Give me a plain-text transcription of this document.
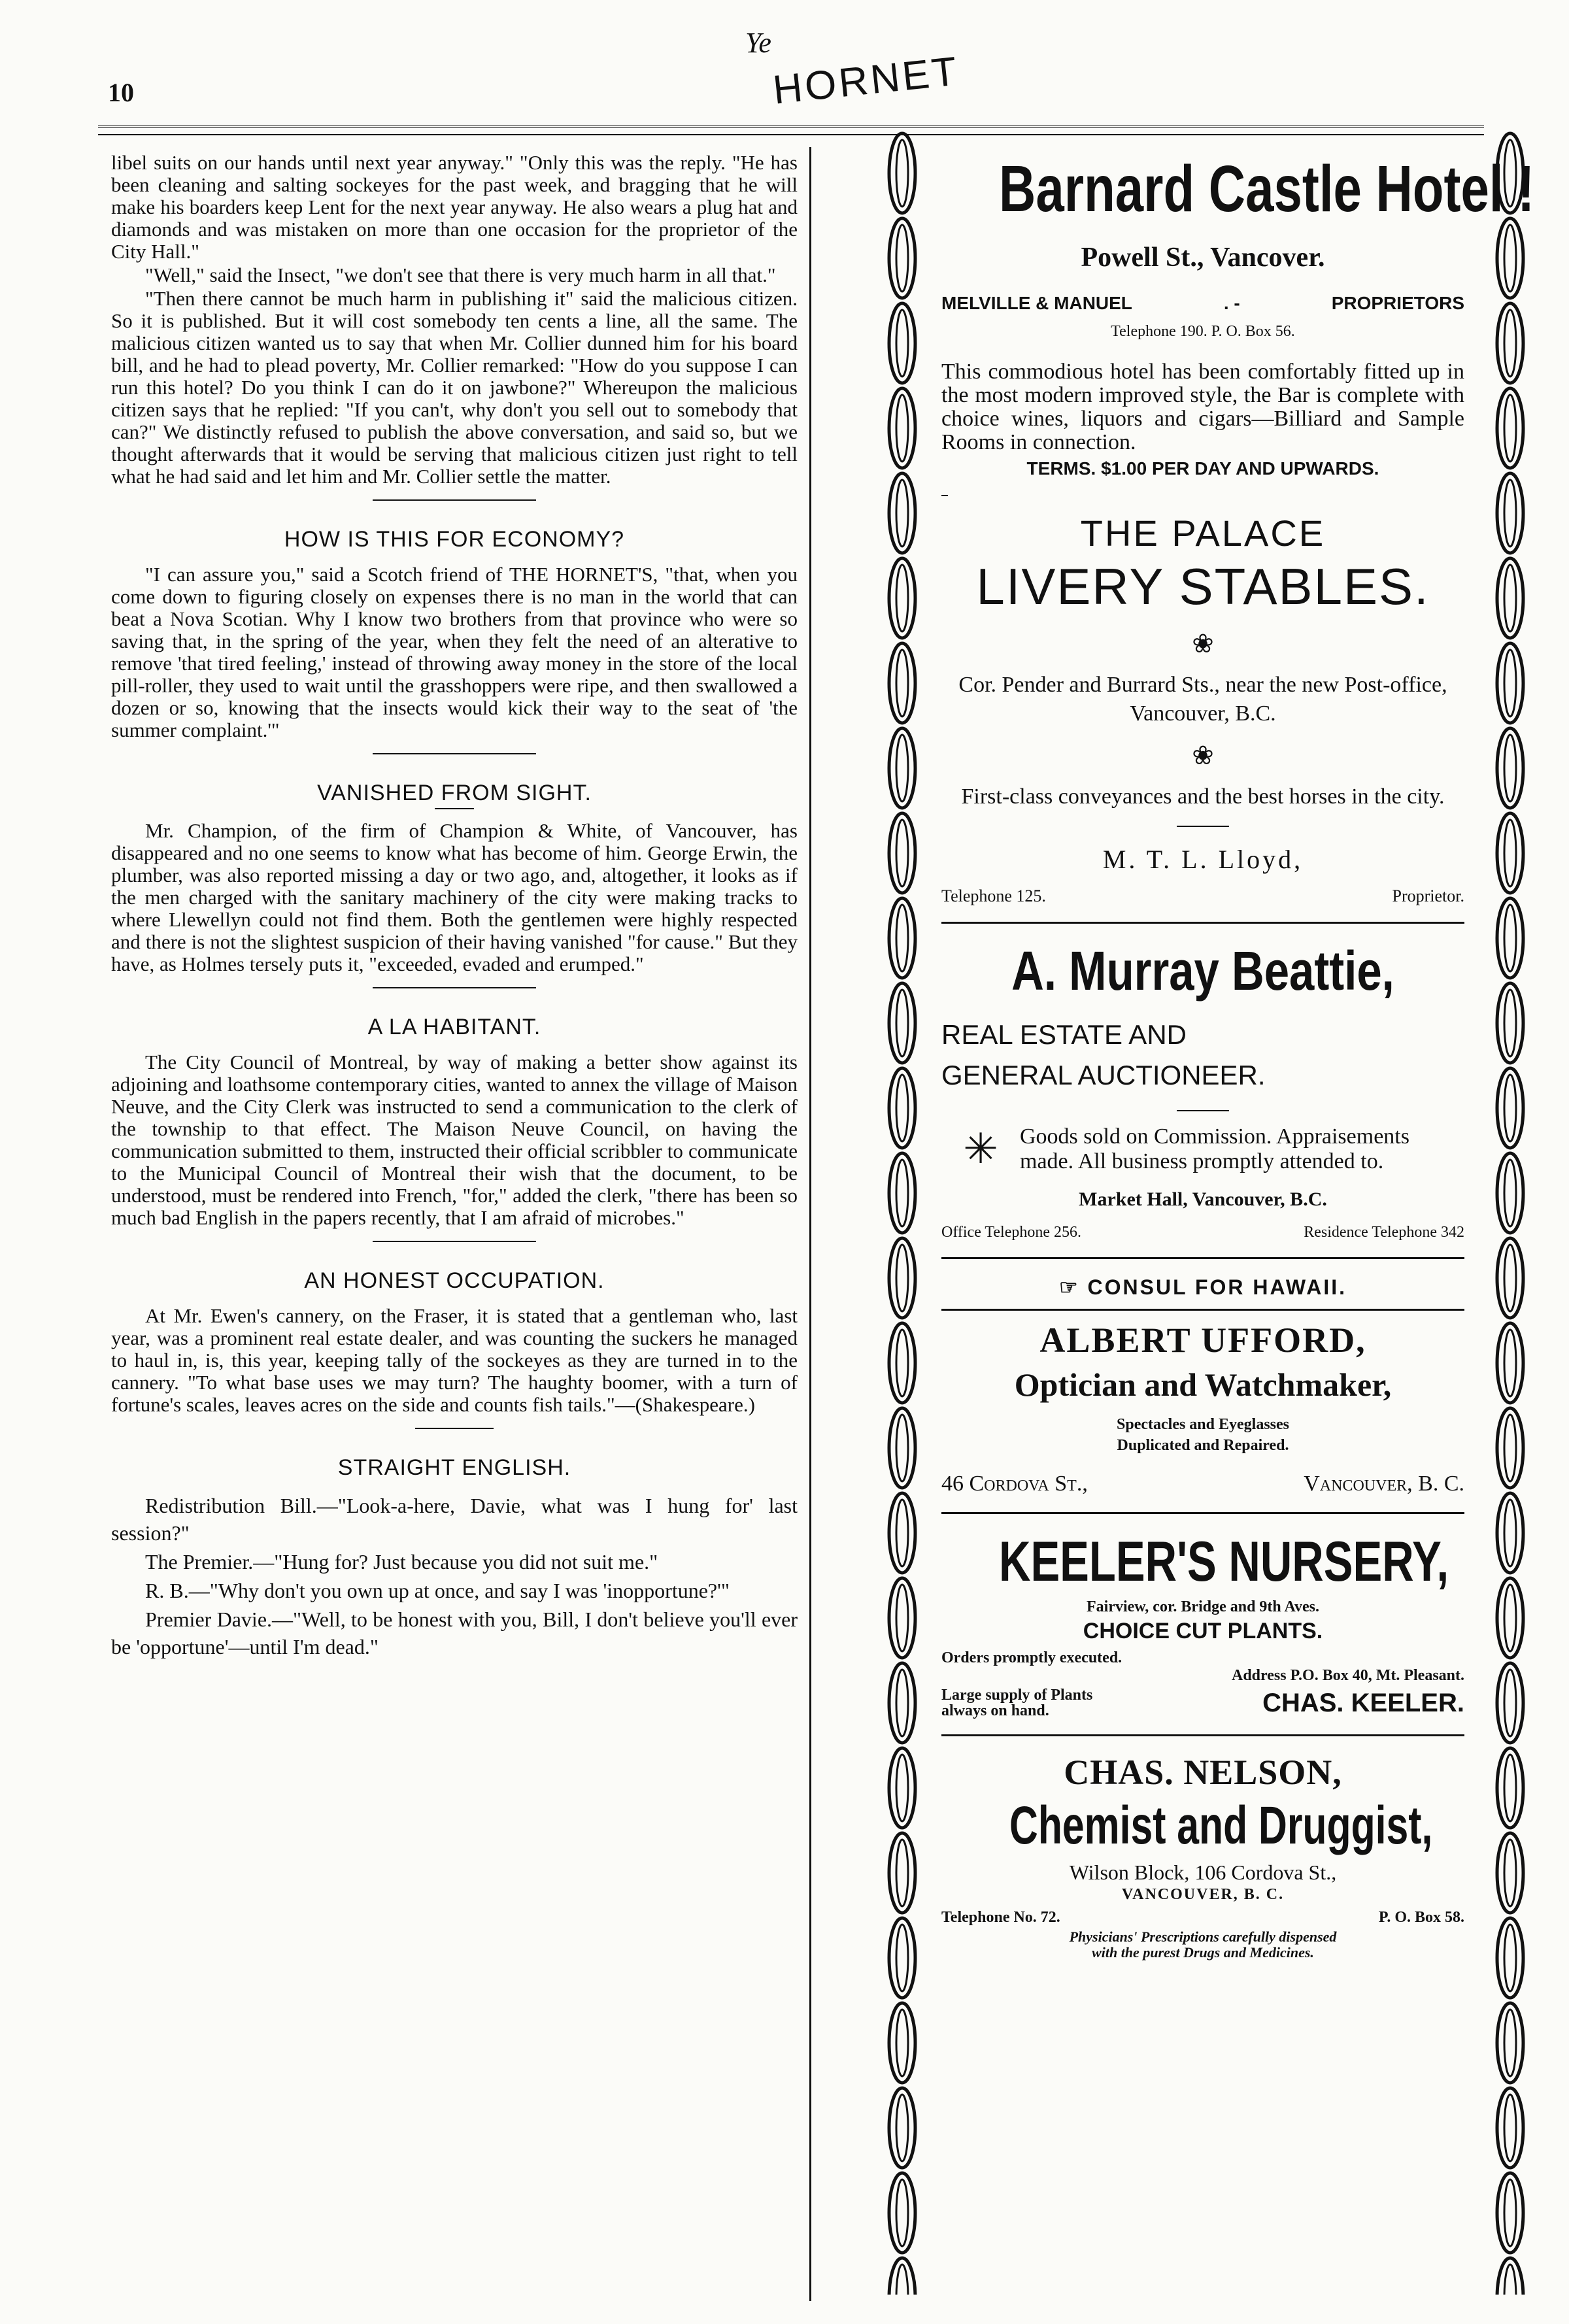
10
Ye
HORNET

libel suits on our hands until next year anyway." "Only this was the reply. "He has been cleaning and salting sockeyes for the past week, and bragging that he will make his boarders keep Lent for the next year anyway. He also wears a plug hat and diamonds and was mistaken on more than one occasion for the proprietor of the City Hall."

"Well," said the Insect, "we don't see that there is very much harm in all that."

"Then there cannot be much harm in publishing it" said the malicious citizen. So it is published. But it will cost somebody ten cents a line, all the same. The malicious citizen wanted us to say that when Mr. Collier dunned him for his board bill, and he had to plead poverty, Mr. Collier remarked: "How do you suppose I can run this hotel? Do you think I can do it on jawbone?" Whereupon the malicious citizen says that he replied: "If you can't, why don't you sell out to somebody that can?" We distinctly refused to publish the above conversation, and said so, but we thought afterwards that it would be serving that malicious citizen just right to tell what he had said and let him and Mr. Collier settle the matter.

HOW IS THIS FOR ECONOMY?

"I can assure you," said a Scotch friend of THE HORNET'S, "that, when you come down to figuring closely on expenses there is no man in the world that can beat a Nova Scotian. Why I know two brothers from that province who were so saving that, in the spring of the year, when they felt the need of an alterative to remove 'that tired feeling,' instead of throwing away money in the store of the local pill-roller, they used to wait until the grasshoppers were ripe, and then swallowed a dozen or so, knowing that the insects would kick their way to the seat of 'the summer complaint.'"

VANISHED FROM SIGHT.

Mr. Champion, of the firm of Champion & White, of Vancouver, has disappeared and no one seems to know what has become of him. George Erwin, the plumber, was also reported missing a day or two ago, and, altogether, it looks as if the men charged with the sanitary machinery of the city were making tracks to where Llewellyn could not find them. Both the gentlemen were highly respected and there is not the slightest suspicion of their having vanished "for cause." But they have, as Holmes tersely puts it, "exceeded, evaded and erumped."

A LA HABITANT.

The City Council of Montreal, by way of making a better show against its adjoining and loathsome contemporary cities, wanted to annex the village of Maison Neuve, and the City Clerk was instructed to send a communication to the clerk of the township to that effect. The Maison Neuve Council, on having the communication submitted to them, instructed their official scribbler to communicate to the Municipal Council of Montreal their wish that the document, to be understood, must be rendered into French, "for," added the clerk, "there has been so much bad English in the papers recently, that I am afraid of microbes."

AN HONEST OCCUPATION.

At Mr. Ewen's cannery, on the Fraser, it is stated that a gentleman who, last year, was a prominent real estate dealer, and was counting the suckers he managed to haul in, is, this year, keeping tally of the sockeyes as they are turned in to the cannery. "To what base uses we may turn? The haughty boomer, with a turn of fortune's scales, leaves acres on the side and counts fish tails."—(Shakespeare.)

STRAIGHT ENGLISH.

Redistribution Bill.—"Look-a-here, Davie, what was I hung for' last session?"

The Premier.—"Hung for? Just because you did not suit me."

R. B.—"Why don't you own up at once, and say I was 'inopportune?'"

Premier Davie.—"Well, to be honest with you, Bill, I don't believe you'll ever be 'opportune'—until I'm dead."

Barnard Castle Hotel !
Powell St., Vancover.
MELVILLE & MANUEL	. -	PROPRIETORS
Telephone 190. P. O. Box 56.
This commodious hotel has been comfortably fitted up in the most modern improved style, the Bar is complete with choice wines, liquors and cigars—Billiard and Sample Rooms in connection.
TERMS. $1.00 PER DAY AND UPWARDS.
THE PALACE
LIVERY STABLES.
❀
Cor. Pender and Burrard Sts., near the new Post-office, Vancouver, B.C.
❀
First-class conveyances and the best horses in the city.
M. T. L. Lloyd,
Telephone 125.	Proprietor.
A. Murray Beattie,
REAL ESTATE AND
GENERAL AUCTIONEER.
✳ Goods sold on Commission. Appraisements made. All business promptly attended to.
Market Hall, Vancouver, B.C.
Office Telephone 256.	Residence Telephone 342
☞ CONSUL FOR HAWAII.
ALBERT UFFORD,
Optician and Watchmaker,
Spectacles and Eyeglasses
Duplicated and Repaired.
46 Cordova St.,	Vancouver, B. C.
KEELER'S NURSERY,
Fairview, cor. Bridge and 9th Aves.
CHOICE CUT PLANTS.
Orders promptly executed.
Address P.O. Box 40, Mt. Pleasant.
Large supply of Plants
always on hand.	CHAS. KEELER.
CHAS. NELSON,
Chemist and Druggist,
Wilson Block, 106 Cordova St.,
VANCOUVER, B. C.
Telephone No. 72.	P. O. Box 58.
Physicians' Prescriptions carefully dispensed
with the purest Drugs and Medicines.
